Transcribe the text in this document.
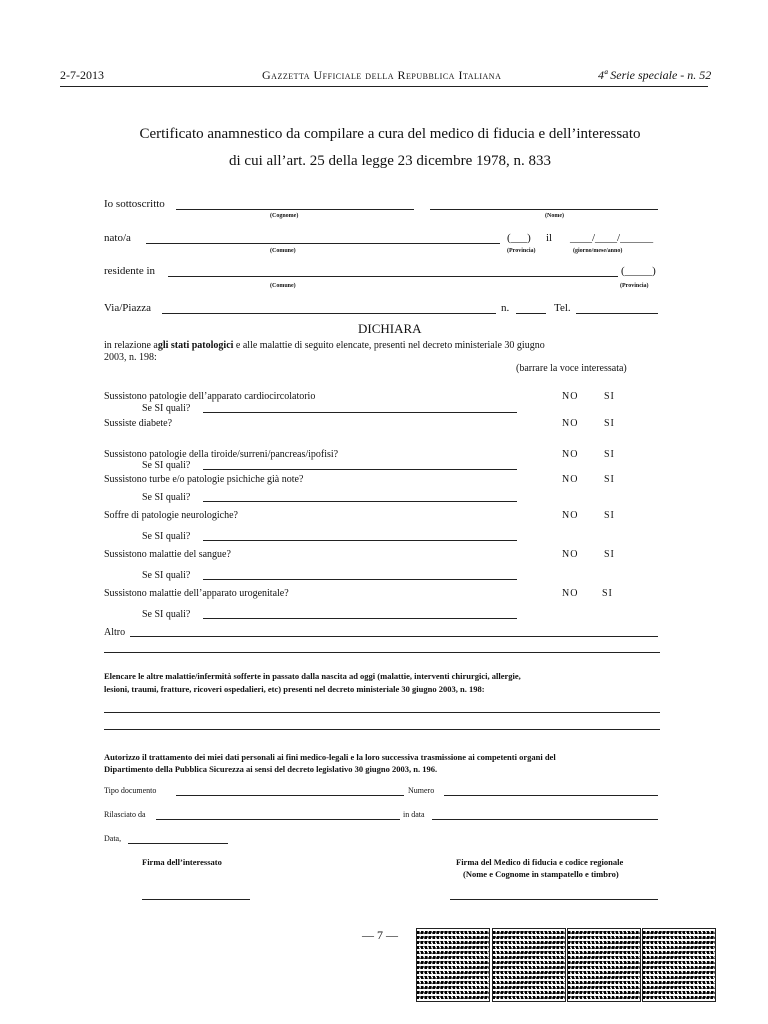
2-7-2013	Gazzetta Ufficiale della Repubblica Italiana	4ª Serie speciale - n. 52
Certificato anamnestico da compilare a cura del medico di fiducia e dell’interessato
di cui all’art. 25 della legge 23 dicembre 1978, n. 833
Io sottoscritto
(Cognome)	(Nome)
nato/a	(___) il ____/____/______
(Comune)	(Provincia)	(giorno/mese/anno)
residente in	(_____)
(Comune)	(Provincia)
Via/Piazza	n.	Tel.
DICHIARA
in relazione agli stati patologici e alle malattie di seguito elencate, presenti nel decreto ministeriale 30 giugno
2003, n. 198:
(barrare la voce interessata)
Sussistono patologie dell’apparato cardiocircolatorio	NO	SI
Se SI quali?
Sussiste diabete?	NO	SI
Sussistono patologie della tiroide/surreni/pancreas/ipofisi?	NO	SI
Se SI quali?
Sussistono turbe e/o patologie psichiche già note?	NO	SI
Se SI quali?
Soffre di patologie neurologiche?	NO	SI
Se SI quali?
Sussistono malattie del sangue?	NO	SI
Se SI quali?
Sussistono malattie dell’apparato urogenitale?	NO SI
Se SI quali?
Altro
Elencare le altre malattie/infermità sofferte in passato dalla nascita ad oggi (malattie, interventi chirurgici, allergie,
lesioni, traumi, fratture, ricoveri ospedalieri, etc) presenti nel decreto ministeriale 30 giugno 2003, n. 198:
Autorizzo il trattamento dei miei dati personali ai fini medico-legali e la loro successiva trasmissione ai competenti organi del
Dipartimento della Pubblica Sicurezza ai sensi del decreto legislativo 30 giugno 2003, n. 196.
Tipo documento	Numero
Rilasciato da	in data
Data,
Firma dell’interessato	Firma del Medico di fiducia e codice regionale
(Nome e Cognome in stampatello e timbro)
— 7 —
